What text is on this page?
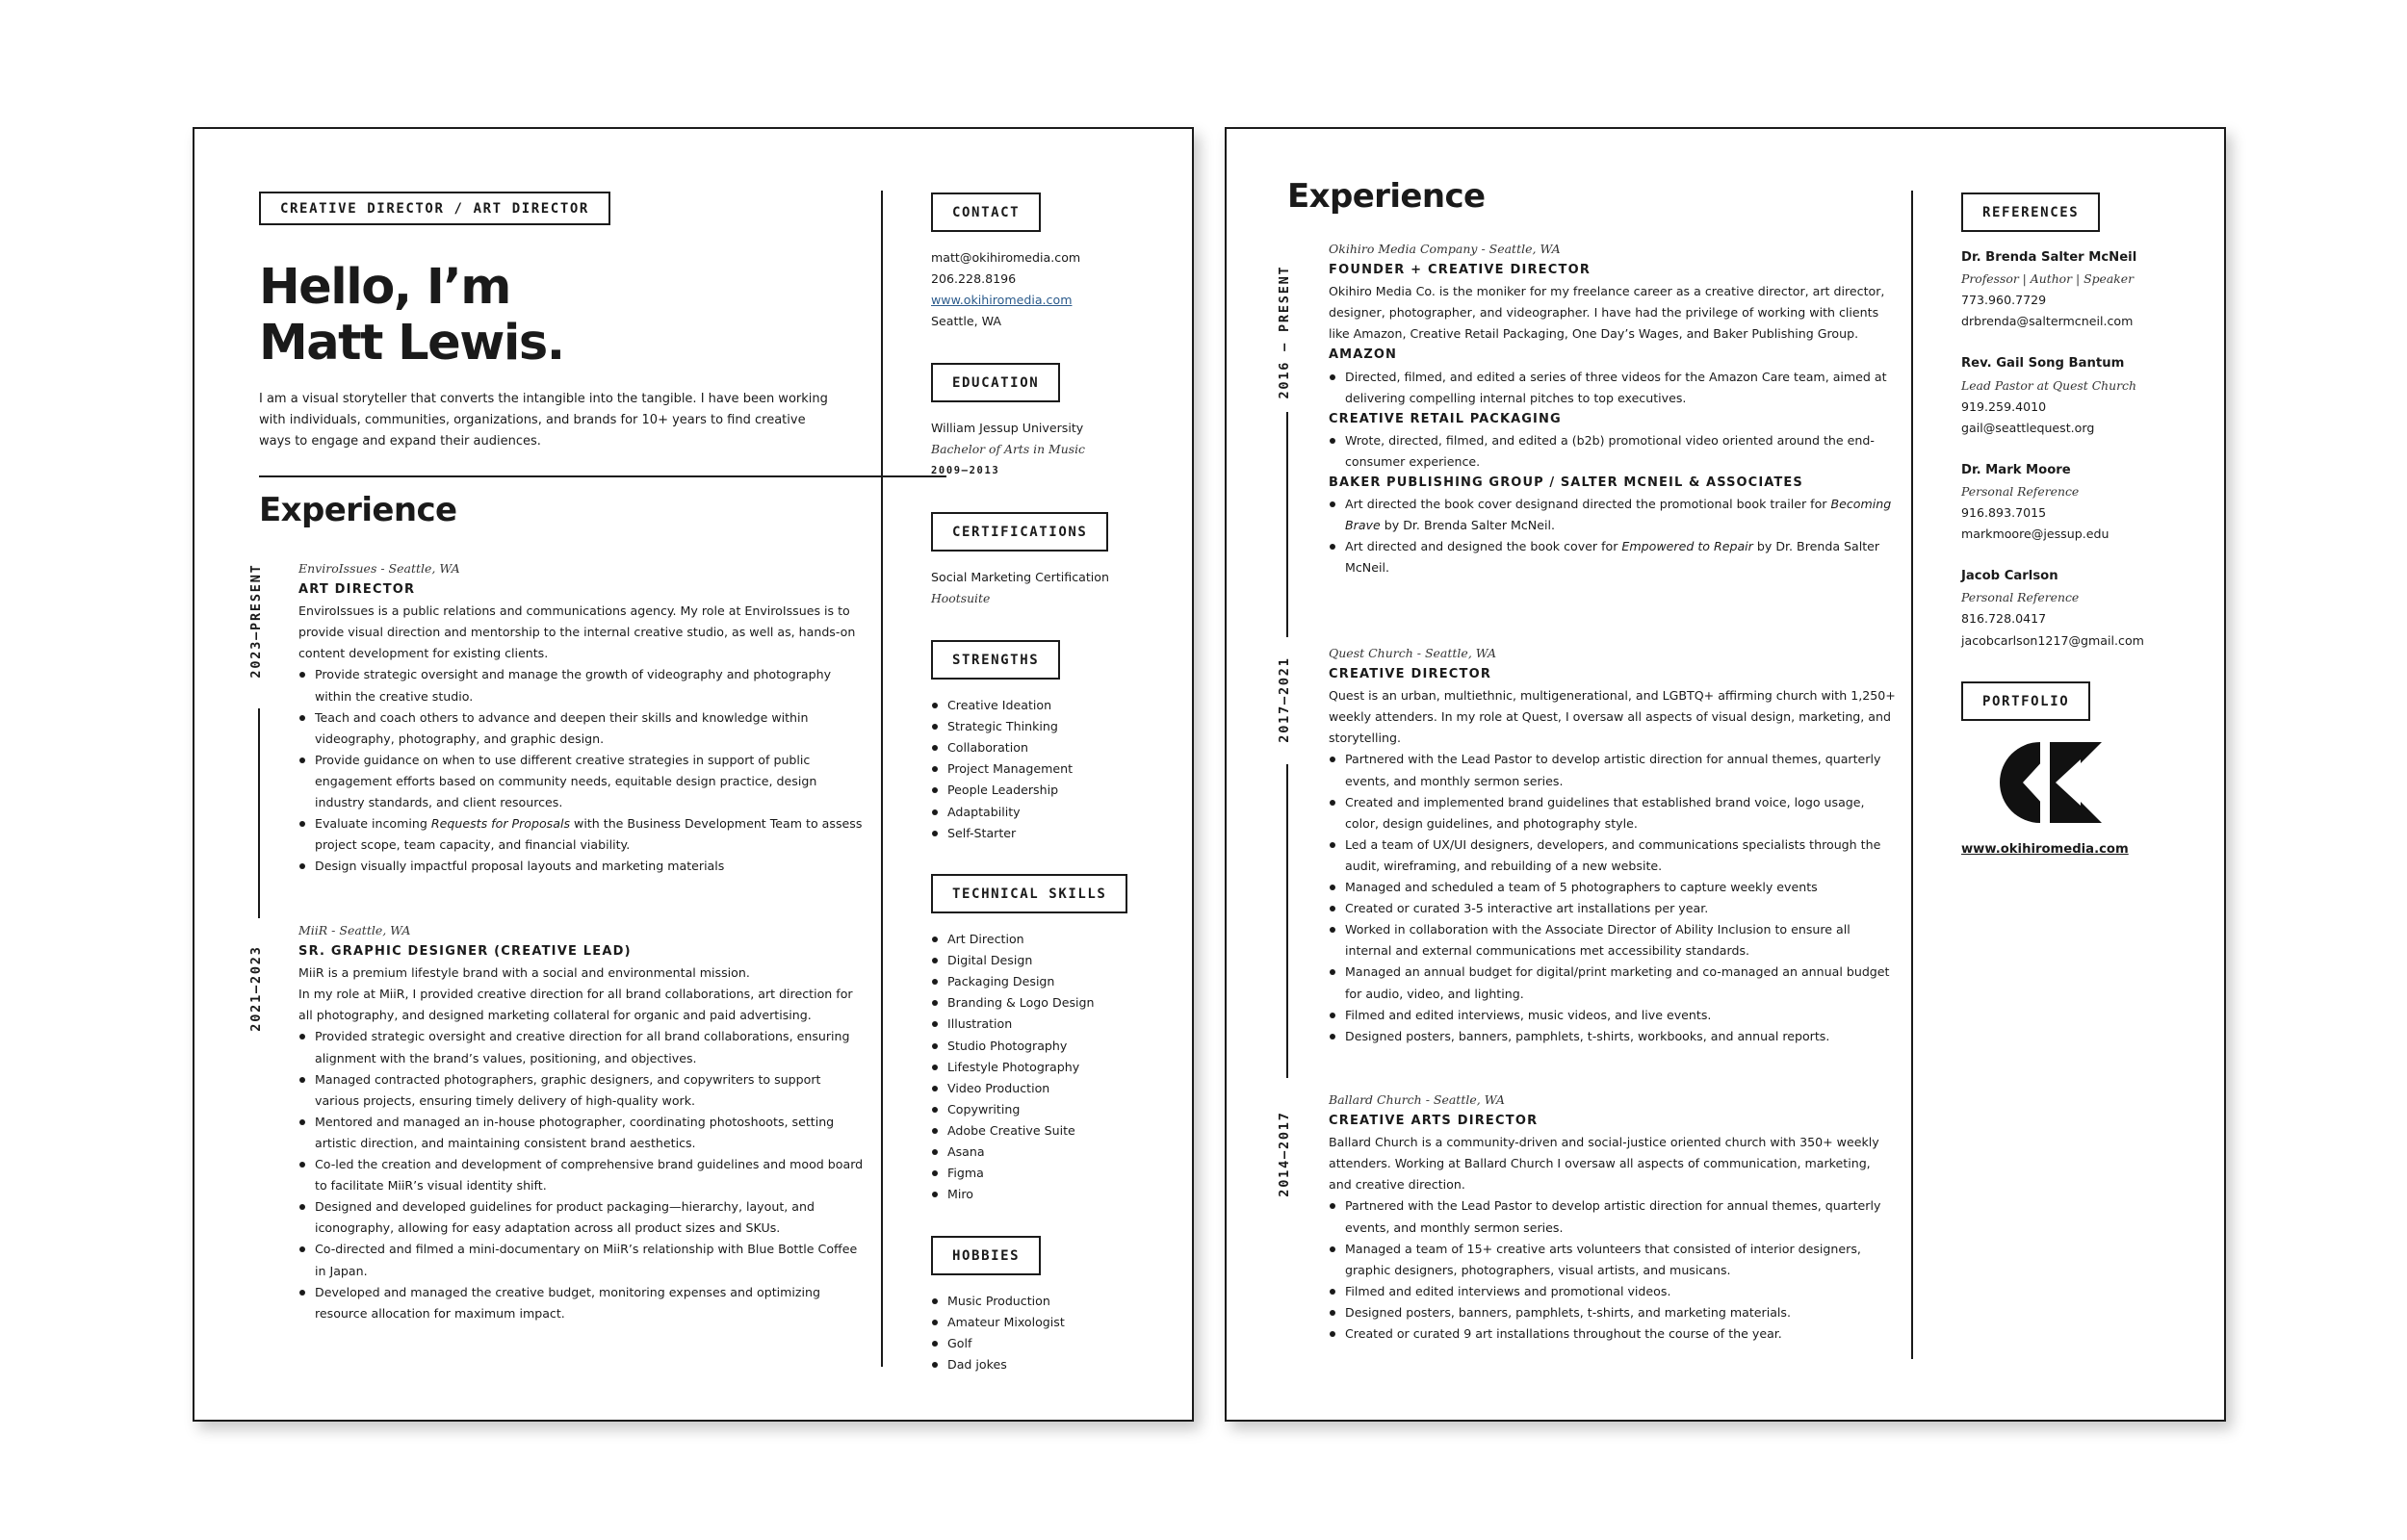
CREATIVE DIRECTOR / ART DIRECTOR
Hello, I’m
Matt Lewis.

I am a visual storyteller that converts the intangible into the tangible. I have been working with individuals, communities, organizations, and brands for 10+ years to find creative ways to engage and expand their audiences.

Experience
2023–PRESENT	EnviroIssues - Seattle, WA
ART DIRECTOR
EnviroIssues is a public relations and communications agency. My role at EnviroIssues is to provide visual direction and mentorship to the internal creative studio, as well as, hands-on content development for existing clients.
Provide strategic oversight and manage the growth of videography and photography within the creative studio.
Teach and coach others to advance and deepen their skills and knowledge within videography, photography, and graphic design.
Provide guidance on when to use different creative strategies in support of public engagement efforts based on community needs, equitable design practice, design industry standards, and client resources.
Evaluate incoming Requests for Proposals with the Business Development Team to assess project scope, team capacity, and financial viability.
Design visually impactful proposal layouts and marketing materials
2021–2023
MiiR - Seattle, WA
SR. GRAPHIC DESIGNER (CREATIVE LEAD)
MiiR is a premium lifestyle brand with a social and environmental mission.
In my role at MiiR, I provided creative direction for all brand collaborations, art direction for all photography, and designed marketing collateral for organic and paid advertising.
Provided strategic oversight and creative direction for all brand collaborations, ensuring alignment with the brand’s values, positioning, and objectives.
Managed contracted photographers, graphic designers, and copywriters to support various projects, ensuring timely delivery of high-quality work.
Mentored and managed an in-house photographer, coordinating photoshoots, setting artistic direction, and maintaining consistent brand aesthetics.
Co-led the creation and development of comprehensive brand guidelines and mood board to facilitate MiiR’s visual identity shift.
Designed and developed guidelines for product packaging—hierarchy, layout, and iconography, allowing for easy adaptation across all product sizes and SKUs.
Co-directed and filmed a mini-documentary on MiiR’s relationship with Blue Bottle Coffee in Japan.
Developed and managed the creative budget, monitoring expenses and optimizing resource allocation for maximum impact.
CONTACT
matt@okihiromedia.com
206.228.8196
www.okihiromedia.com
Seattle, WA
EDUCATION
William Jessup University
Bachelor of Arts in Music
2009–2013
CERTIFICATIONS
Social Marketing Certification
Hootsuite
STRENGTHS
Creative Ideation
Strategic Thinking
Collaboration
Project Management
People Leadership
Adaptability
Self-Starter
TECHNICAL SKILLS
Art Direction
Digital Design
Packaging Design
Branding & Logo Design
Illustration
Studio Photography
Lifestyle Photography
Video Production
Copywriting
Adobe Creative Suite
Asana
Figma
Miro
HOBBIES
Music Production
Amateur Mixologist
Golf
Dad jokes
Experience
2016 – PRESENT
Okihiro Media Company - Seattle, WA
FOUNDER + CREATIVE DIRECTOR
Okihiro Media Co. is the moniker for my freelance career as a creative director, art director, designer, photographer, and videographer. I have had the privilege of working with clients like Amazon, Creative Retail Packaging, One Day’s Wages, and Baker Publishing Group.
AMAZON
Directed, filmed, and edited a series of three videos for the Amazon Care team, aimed at delivering compelling internal pitches to top executives.
CREATIVE RETAIL PACKAGING
Wrote, directed, filmed, and edited a (b2b) promotional video oriented around the end-consumer experience.
BAKER PUBLISHING GROUP / SALTER MCNEIL & ASSOCIATES
Art directed the book cover designand directed the promotional book trailer for Becoming Brave by Dr. Brenda Salter McNeil.
Art directed and designed the book cover for Empowered to Repair by Dr. Brenda Salter McNeil.
2017–2021
Quest Church - Seattle, WA
CREATIVE DIRECTOR
Quest is an urban, multiethnic, multigenerational, and LGBTQ+ affirming church with 1,250+ weekly attenders. In my role at Quest, I oversaw all aspects of visual design, marketing, and storytelling.
Partnered with the Lead Pastor to develop artistic direction for annual themes, quarterly events, and monthly sermon series.
Created and implemented brand guidelines that established brand voice, logo usage, color, design guidelines, and photography style.
Led a team of UX/UI designers, developers, and communications specialists through the audit, wireframing, and rebuilding of a new website.
Managed and scheduled a team of 5 photographers to capture weekly events
Created or curated 3-5 interactive art installations per year.
Worked in collaboration with the Associate Director of Ability Inclusion to ensure all internal and external communications met accessibility standards.
Managed an annual budget for digital/print marketing and co-managed an annual budget for audio, video, and lighting.
Filmed and edited interviews, music videos, and live events.
Designed posters, banners, pamphlets, t-shirts, workbooks, and annual reports.
2014–2017
Ballard Church - Seattle, WA
CREATIVE ARTS DIRECTOR
Ballard Church is a community-driven and social-justice oriented church with 350+ weekly attenders. Working at Ballard Church I oversaw all aspects of communication, marketing, and creative direction.
Partnered with the Lead Pastor to develop artistic direction for annual themes, quarterly events, and monthly sermon series.
Managed a team of 15+ creative arts volunteers that consisted of interior designers, graphic designers, photographers, visual artists, and musicans.
Filmed and edited interviews and promotional videos.
Designed posters, banners, pamphlets, t-shirts, and marketing materials.
Created or curated 9 art installations throughout the course of the year.
REFERENCES
Dr. Brenda Salter McNeil
Professor | Author | Speaker
773.960.7729
drbrenda@saltermcneil.com
Rev. Gail Song Bantum
Lead Pastor at Quest Church
919.259.4010
gail@seattlequest.org
Dr. Mark Moore
Personal Reference
916.893.7015
markmoore@jessup.edu
Jacob Carlson
Personal Reference
816.728.0417
jacobcarlson1217@gmail.com
PORTFOLIO
www.okihiromedia.com
